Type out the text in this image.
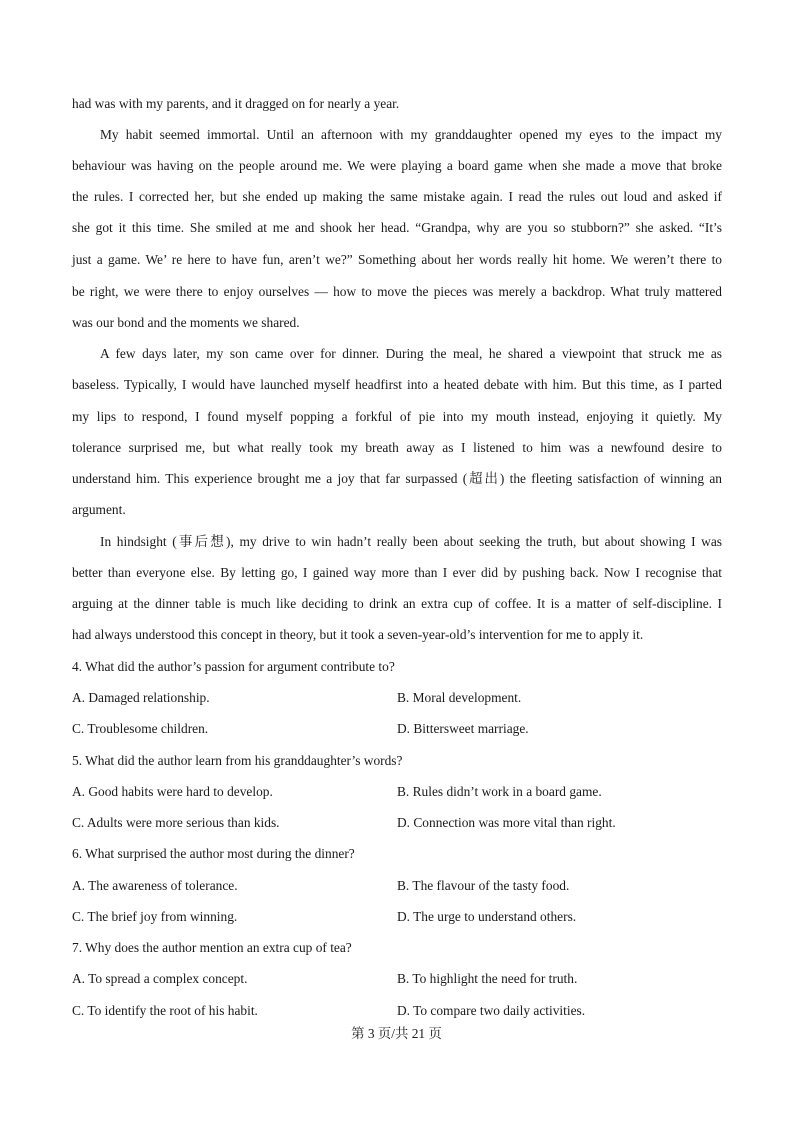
had was with my parents, and it dragged on for nearly a year.
My habit seemed immortal. Until an afternoon with my granddaughter opened my eyes to the impact my
behaviour was having on the people around me. We were playing a board game when she made a move that broke
the rules. I corrected her, but she ended up making the same mistake again. I read the rules out loud and asked if
she got it this time. She smiled at me and shook her head. “Grandpa, why are you so stubborn?” she asked. “It’s
just a game. We’ re here to have fun, aren’t we?” Something about her words really hit home. We weren’t there to
be right, we were there to enjoy ourselves — how to move the pieces was merely a backdrop. What truly mattered
was our bond and the moments we shared.
A few days later, my son came over for dinner. During the meal, he shared a viewpoint that struck me as
baseless. Typically, I would have launched myself headfirst into a heated debate with him. But this time, as I parted
my lips to respond, I found myself popping a forkful of pie into my mouth instead, enjoying it quietly. My
tolerance surprised me, but what really took my breath away as I listened to him was a newfound desire to
understand him. This experience brought me a joy that far surpassed (超出) the fleeting satisfaction of winning an
argument.
In hindsight (事后想), my drive to win hadn’t really been about seeking the truth, but about showing I was
better than everyone else. By letting go, I gained way more than I ever did by pushing back. Now I recognise that
arguing at the dinner table is much like deciding to drink an extra cup of coffee. It is a matter of self-discipline. I
had always understood this concept in theory, but it took a seven-year-old’s intervention for me to apply it.
4. What did the author’s passion for argument contribute to?
A. Damaged relationship.	B. Moral development.
C. Troublesome children.	D. Bittersweet marriage.
5. What did the author learn from his granddaughter’s words?
A. Good habits were hard to develop.	B. Rules didn’t work in a board game.
C. Adults were more serious than kids.	D. Connection was more vital than right.
6. What surprised the author most during the dinner?
A. The awareness of tolerance.	B. The flavour of the tasty food.
C. The brief joy from winning.	D. The urge to understand others.
7. Why does the author mention an extra cup of tea?
A. To spread a complex concept.	B. To highlight the need for truth.
C. To identify the root of his habit.	D. To compare two daily activities.
第 3 页/共 21 页
